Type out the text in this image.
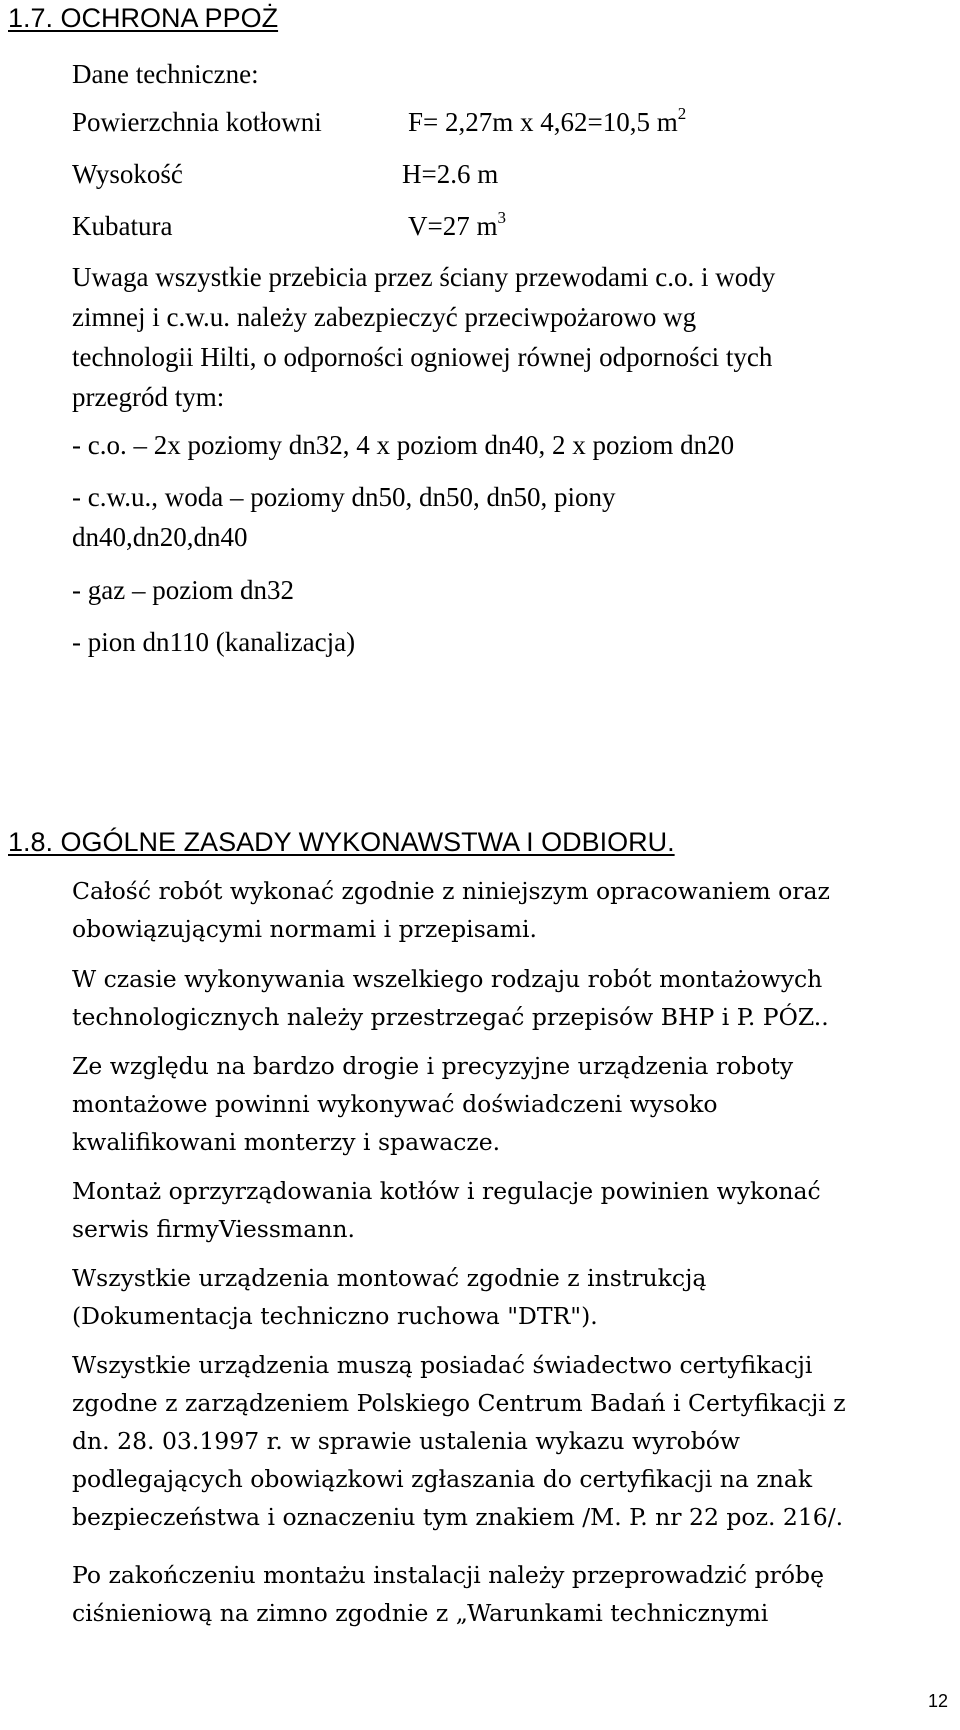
1.7. OCHRONA PPOŻ

Dane techniczne:

Powierzchnia kotłowni	F= 2,27m x 4,62=10,5 $m^2$
Wysokość	H=2.6 m
Kubatura	V=27 $m^3$

Uwaga wszystkie przebicia przez ściany przewodami c.o. i wody
zimnej i c.w.u. należy zabezpieczyć przeciwpożarowo wg
technologii Hilti, o odporności ogniowej równej odporności tych
przegród tym:

- c.o. – 2x poziomy dn32, 4 x poziom dn40, 2 x poziom dn20

- c.w.u., woda – poziomy dn50, dn50, dn50, piony
dn40,dn20,dn40

- gaz – poziom dn32

- pion dn110 (kanalizacja)

1.8. OGÓLNE ZASADY WYKONAWSTWA I ODBIORU.

Całość robót wykonać zgodnie z niniejszym opracowaniem oraz
obowiązującymi normami i przepisami.

W czasie wykonywania wszelkiego rodzaju robót montażowych
technologicznych należy przestrzegać przepisów BHP i P. PÓZ..

Ze względu na bardzo drogie i precyzyjne urządzenia roboty
montażowe powinni wykonywać doświadczeni wysoko
kwalifikowani monterzy i spawacze.

Montaż oprzyrządowania kotłów i regulacje powinien wykonać
serwis firmyViessmann.

Wszystkie urządzenia montować zgodnie z instrukcją
(Dokumentacja techniczno ruchowa "DTR").

Wszystkie urządzenia muszą posiadać świadectwo certyfikacji
zgodne z zarządzeniem Polskiego Centrum Badań i Certyfikacji z
dn. 28. 03.1997 r. w sprawie ustalenia wykazu wyrobów
podlegających obowiązkowi zgłaszania do certyfikacji na znak
bezpieczeństwa i oznaczeniu tym znakiem /M. P. nr 22 poz. 216/.

Po zakończeniu montażu instalacji należy przeprowadzić próbę
ciśnieniową na zimno zgodnie z „Warunkami technicznymi

12
